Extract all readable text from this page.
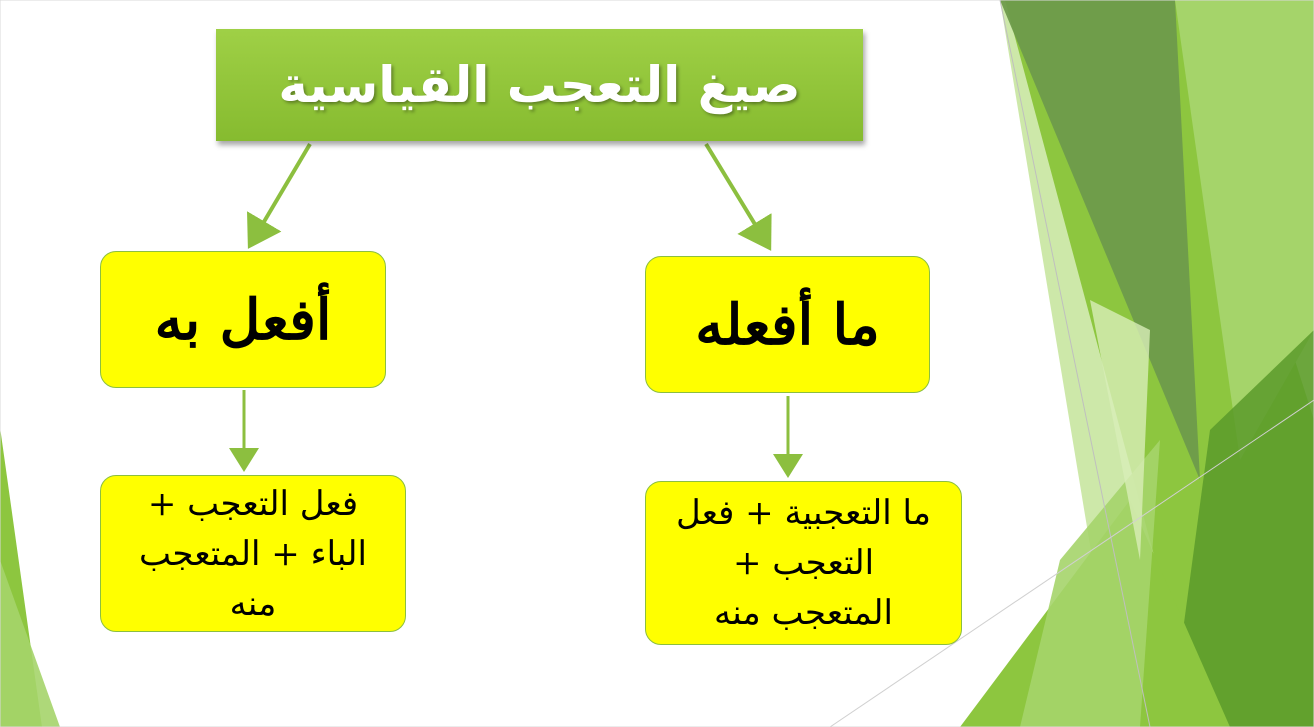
صيغ التعجب القياسية
ما أفعله
ما التعجبية + فعل
التعجب +
المتعجب منه
أفعل به
فعل التعجب +
الباء + المتعجب
منه
